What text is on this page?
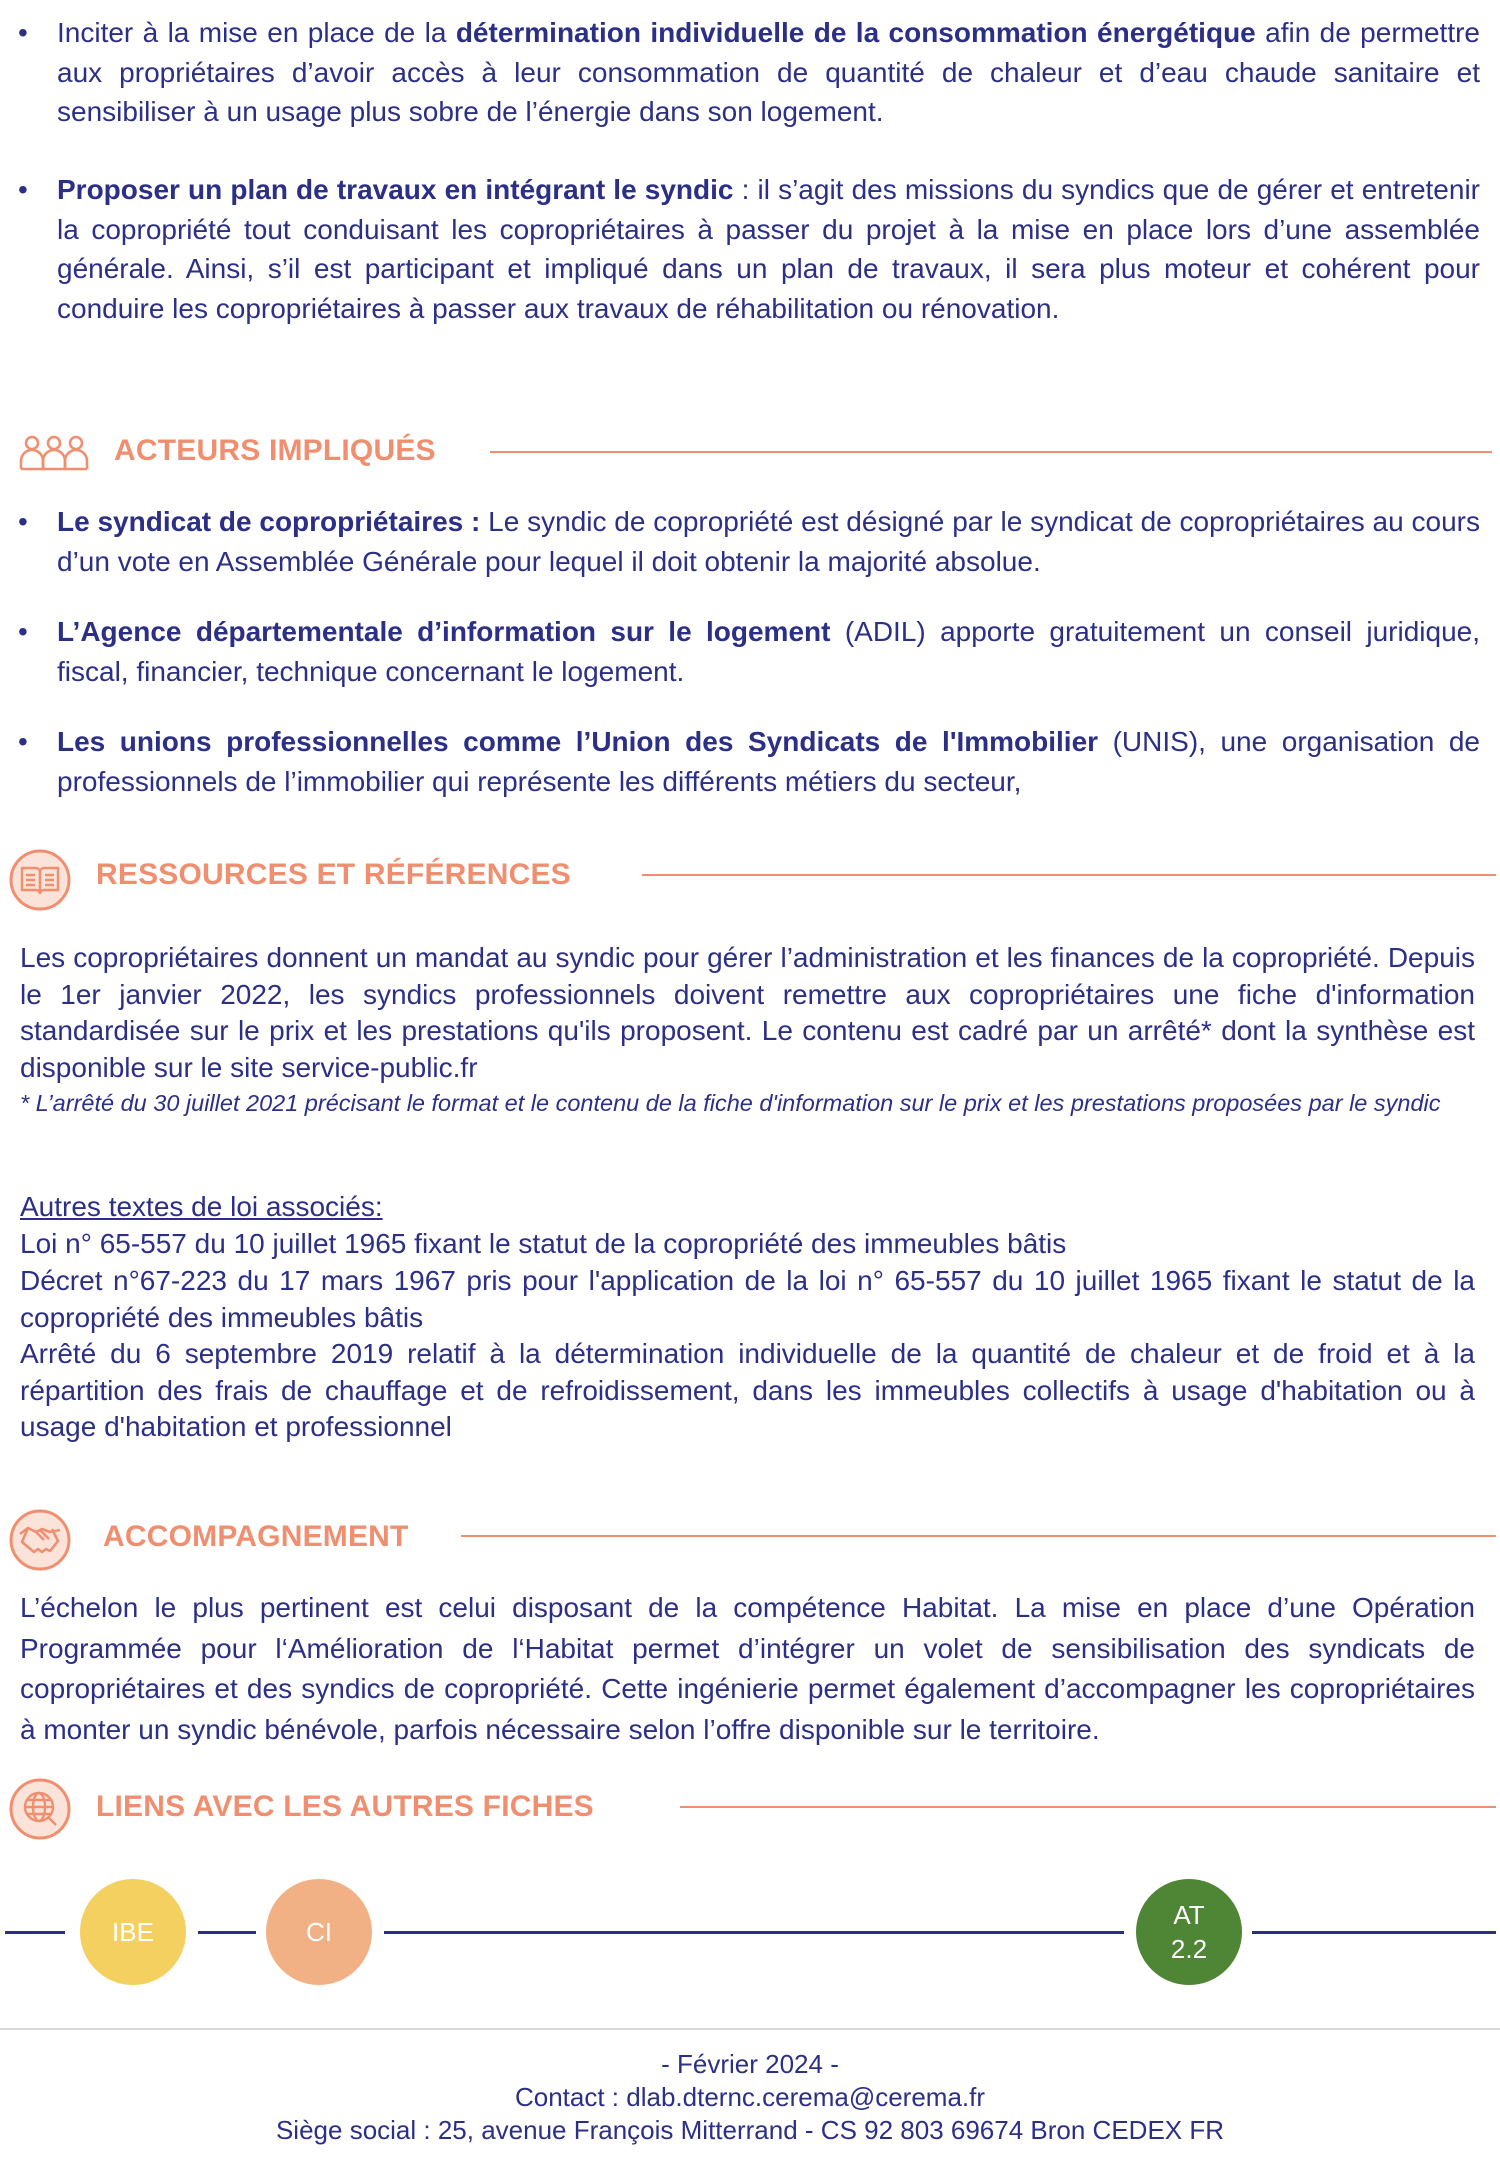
•	Inciter à la mise en place de la détermination individuelle de la consommation énergétique afin de permettre aux propriétaires d’avoir accès à leur consommation de quantité de chaleur et d’eau chaude sanitaire et sensibiliser à un usage plus sobre de l’énergie dans son logement.
•	Proposer un plan de travaux en intégrant le syndic : il s’agit des missions du syndics que de gérer et entretenir la copropriété tout conduisant les copropriétaires à passer du projet à la mise en place lors d’une assemblée générale. Ainsi, s’il est participant et impliqué dans un plan de travaux, il sera plus moteur et cohérent pour conduire les copropriétaires à passer aux travaux de réhabilitation ou rénovation.
ACTEURS IMPLIQUÉS
•	Le syndicat de copropriétaires : Le syndic de copropriété est désigné par le syndicat de copropriétaires au cours d’un vote en Assemblée Générale pour lequel il doit obtenir la majorité absolue.
•	L’Agence départementale d’information sur le logement (ADIL) apporte gratuitement un conseil juridique, fiscal, financier, technique concernant le logement.
•	Les unions professionnelles comme l’Union des Syndicats de l'Immobilier (UNIS), une organisation de professionnels de l’immobilier qui représente les différents métiers du secteur,
RESSOURCES ET RÉFÉRENCES
Les copropriétaires donnent un mandat au syndic pour gérer l’administration et les finances de la copropriété. Depuis le 1er janvier 2022, les syndics professionnels doivent remettre aux copropriétaires une fiche d'information standardisée sur le prix et les prestations qu'ils proposent. Le contenu est cadré par un arrêté* dont la synthèse est disponible sur le site service-public.fr
* L’arrêté du 30 juillet 2021 précisant le format et le contenu de la fiche d'information sur le prix et les prestations proposées par le syndic
Autres textes de loi associés:
Loi n° 65-557 du 10 juillet 1965 fixant le statut de la copropriété des immeubles bâtis
Décret n°67-223 du 17 mars 1967 pris pour l'application de la loi n° 65-557 du 10 juillet 1965 fixant le statut de la copropriété des immeubles bâtis
Arrêté du 6 septembre 2019 relatif à la détermination individuelle de la quantité de chaleur et de froid et à la répartition des frais de chauffage et de refroidissement, dans les immeubles collectifs à usage d'habitation ou à usage d'habitation et professionnel
ACCOMPAGNEMENT
L’échelon le plus pertinent est celui disposant de la compétence Habitat. La mise en place d’une Opération Programmée pour l‘Amélioration de l‘Habitat permet d’intégrer un volet de sensibilisation des syndicats de copropriétaires et des syndics de copropriété. Cette ingénierie permet également d’accompagner les copropriétaires à monter un syndic bénévole, parfois nécessaire selon l’offre disponible sur le territoire.
LIENS AVEC LES AUTRES FICHES
IBE	CI
AT
2.2
- Février 2024 -
Contact : dlab.dternc.cerema@cerema.fr
Siège social : 25, avenue François Mitterrand - CS 92 803 69674 Bron CEDEX FR
